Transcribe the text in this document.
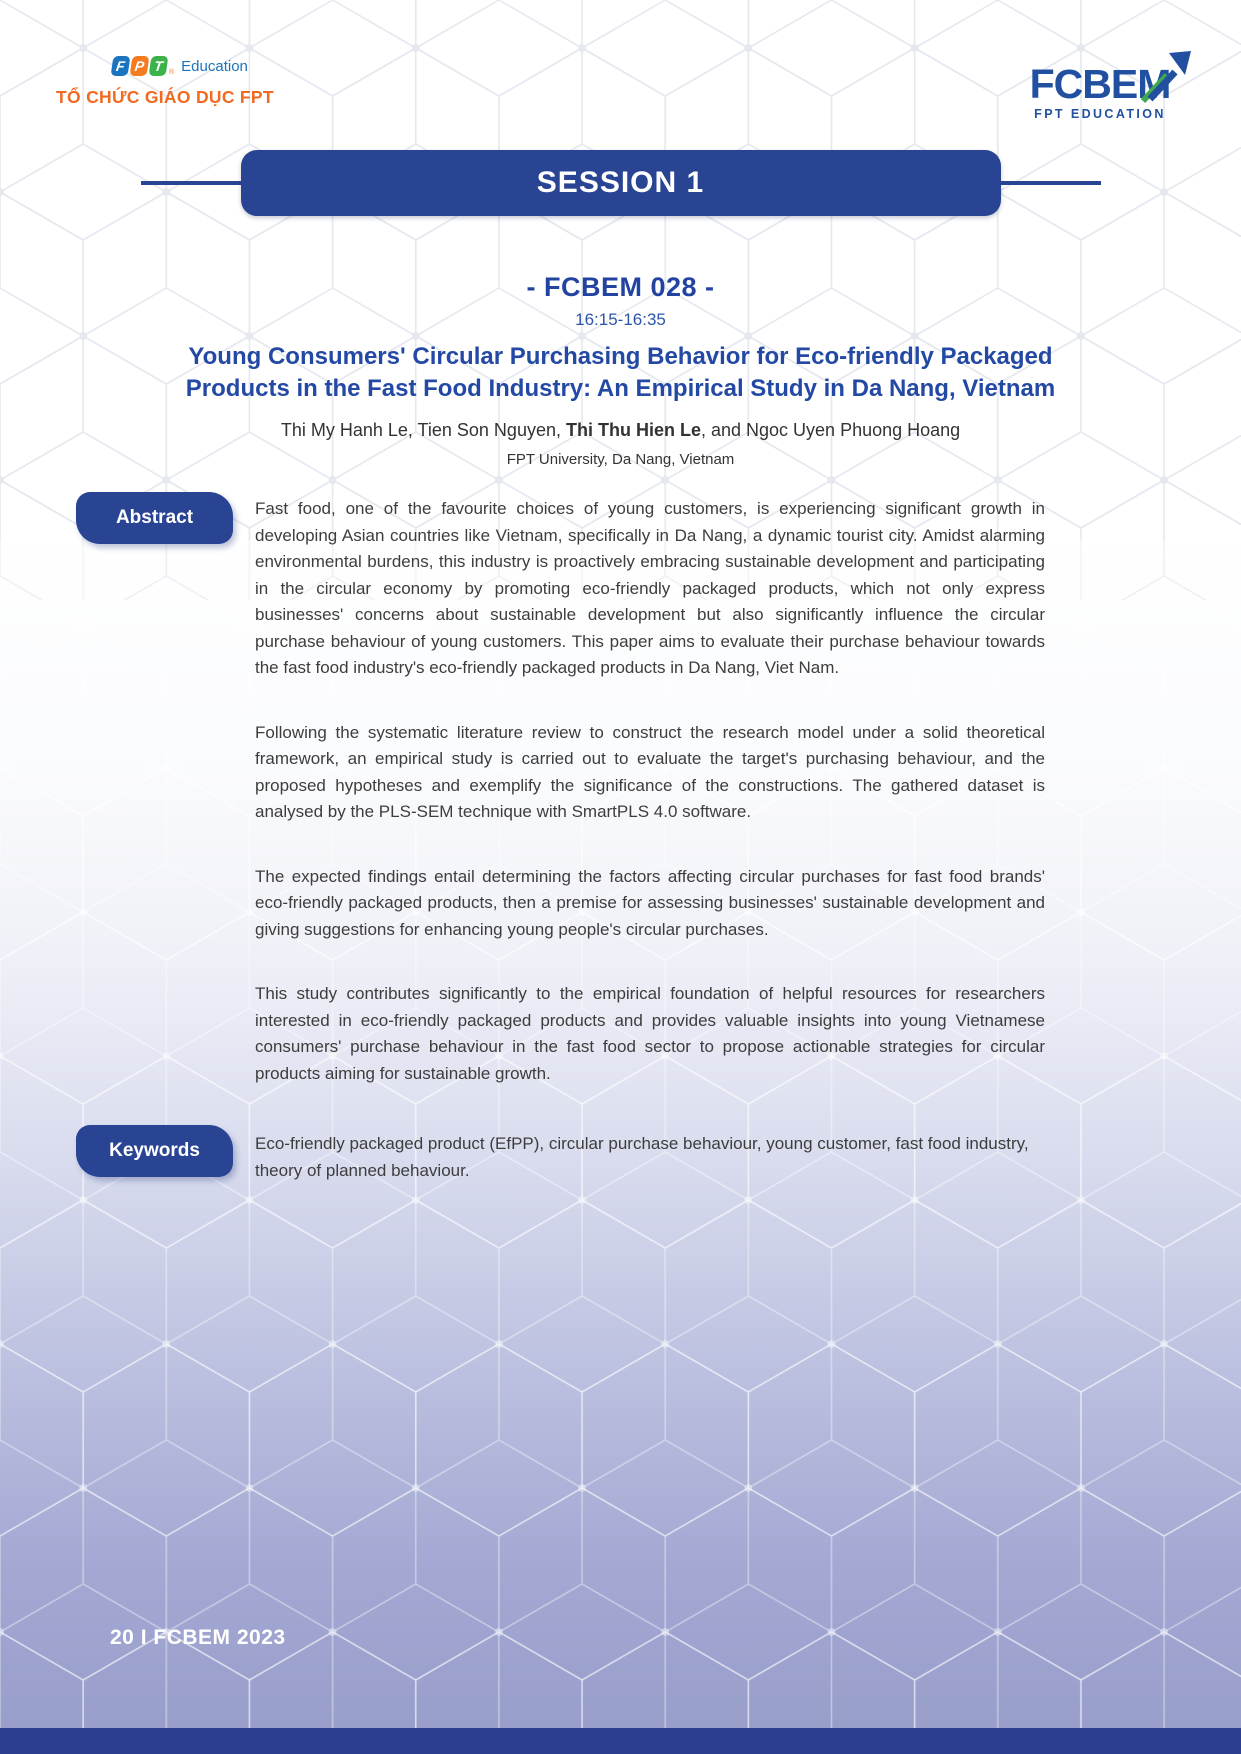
F P T ® Education
TỔ CHỨC GIÁO DỤC FPT	FCBEM
FPT EDUCATION
SESSION 1
- FCBEM 028 -
16:15-16:35
Young Consumers' Circular Purchasing Behavior for Eco-friendly Packaged
Products in the Fast Food Industry: An Empirical Study in Da Nang, Vietnam
Thi My Hanh Le, Tien Son Nguyen, Thi Thu Hien Le, and Ngoc Uyen Phuong Hoang
FPT University, Da Nang, Vietnam
Abstract	Fast food, one of the favourite choices of young customers, is experiencing significant growth in developing Asian countries like Vietnam, specifically in Da Nang, a dynamic tourist city. Amidst alarming environmental burdens, this industry is proactively embracing sustainable development and participating in the circular economy by promoting eco-friendly packaged products, which not only express businesses' concerns about sustainable development but also significantly influence the circular purchase behaviour of young customers. This paper aims to evaluate their purchase behaviour towards the fast food industry's eco-friendly packaged products in Da Nang, Viet Nam.

Following the systematic literature review to construct the research model under a solid theoretical framework, an empirical study is carried out to evaluate the target's purchasing behaviour, and the proposed hypotheses and exemplify the significance of the constructions. The gathered dataset is analysed by the PLS-SEM technique with SmartPLS 4.0 software.

The expected findings entail determining the factors affecting circular purchases for fast food brands' eco-friendly packaged products, then a premise for assessing businesses' sustainable development and giving suggestions for enhancing young people's circular purchases.

This study contributes significantly to the empirical foundation of helpful resources for researchers interested in eco-friendly packaged products and provides valuable insights into young Vietnamese consumers' purchase behaviour in the fast food sector to propose actionable strategies for circular products aiming for sustainable growth.

Keywords	Eco-friendly packaged product (EfPP), circular purchase behaviour, young customer, fast food industry, theory of planned behaviour.
20 I FCBEM 2023
